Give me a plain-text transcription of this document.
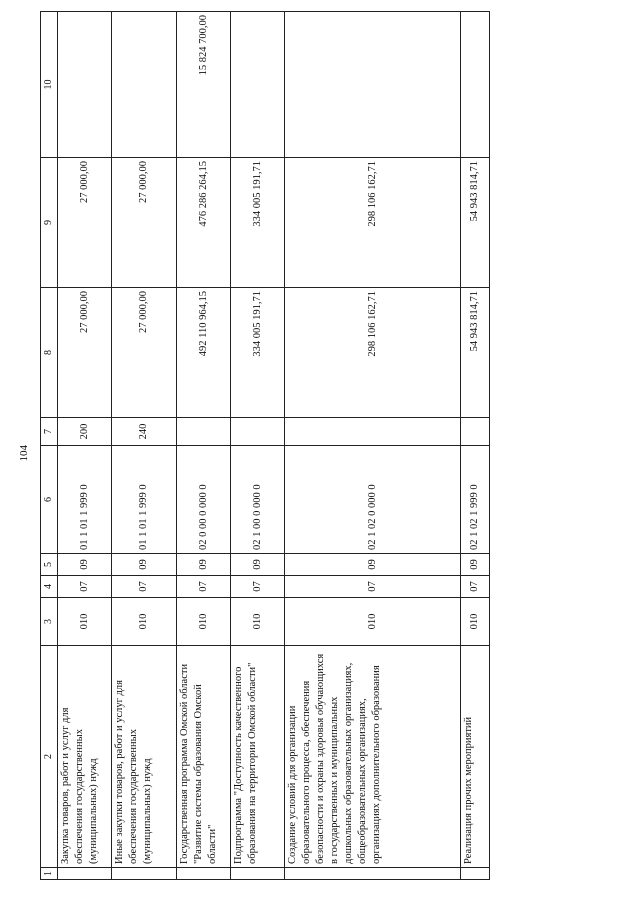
104
1	2	3	4	5	6	7	8	9	10
	Закупка товаров, работ и услуг для обеспечения государственных (муниципальных) нужд	010	07	09	01 1 01 1 999 0	200	27 000,00	27 000,00	
	Иные закупки товаров, работ и услуг для обеспечения государственных (муниципальных) нужд	010	07	09	01 1 01 1 999 0	240	27 000,00	27 000,00	
	Государственная программа Омской области "Развитие системы образования Омской области"	010	07	09	02 0 00 0 000 0		492 110 964,15	476 286 264,15	15 824 700,00
	Подпрограмма "Доступность качественного образования на территории Омской области"	010	07	09	02 1 00 0 000 0		334 005 191,71	334 005 191,71	
	Создание условий для организации образовательного процесса, обеспечения безопасности и охраны здоровья обучающихся в государственных и муниципальных дошкольных образовательных организациях, общеобразовательных организациях, организациях дополнительного образования	010	07	09	02 1 02 0 000 0		298 106 162,71	298 106 162,71	
	Реализация прочих мероприятий	010	07	09	02 1 02 1 999 0		54 943 814,71	54 943 814,71	
